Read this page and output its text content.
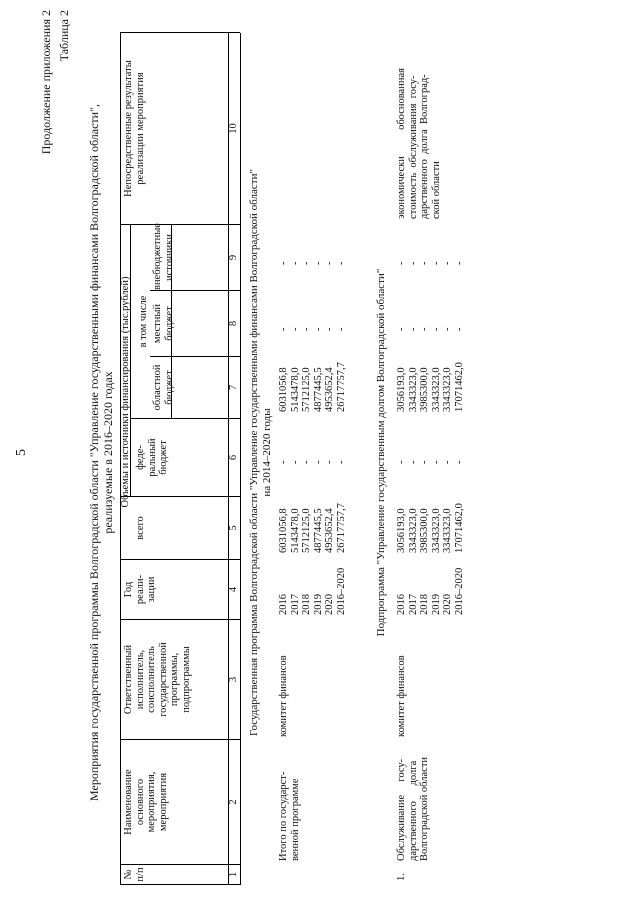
5
Продолжение приложения 2 Таблица 2
Мероприятия государственной программы Волгоградской области "Управление государственными финансами Волгоградской области", реализуемые в 2016–2020 годах
№
п/п
Наименование
основного
мероприятия,
мероприятия
Ответственный
исполнитель,
соисполнитель
государственной
программы,
подпрограммы
Год
реали-
зации
Объемы и источники финансирования (тыс.рублей)
всего
в том числе
феде-
ральный
бюджет
областной
бюджет
местный
бюджет
внебюджетные
источники
Непосредственные результаты
реализации мероприятия
1
2
3
4
5
6
7
8
9
10
Государственная программа Волгоградской области "Управление государственными финансами Волгоградской области" на 2014–2020 годы
Итого по государст-
венной программе
комитет финансов
2016
2017
2018
2019
2020
2016–2020
6031056,8
5143478,0
5712125,0
4877445,5
4953652,4
26717757,7
-
-
-
-
-
-
6031056,8
5143478,0
5712125,0
4877445,5
4953652,4
26717757,7
-
-
-
-
-
-
-
-
-
-
-
-
Подпрограмма "Управление государственным долгом Волгоградской области"
1.
Обслуживание     госу-
дарственного      долга
Волгоградской области
комитет финансов
2016
2017
2018
2019
2020
2016–2020
3056193,0
3343323,0
3985300,0
3343323,0
3343323,0
17071462,0
-
-
-
-
-
-
3056193,0
3343323,0
3985300,0
3343323,0
3343323,0
17071462,0
-
-
-
-
-
-
-
-
-
-
-
-
экономически          обоснованная
стоимость  обслуживания  госу-
дарственного  долга  Волгоград-
ской области
